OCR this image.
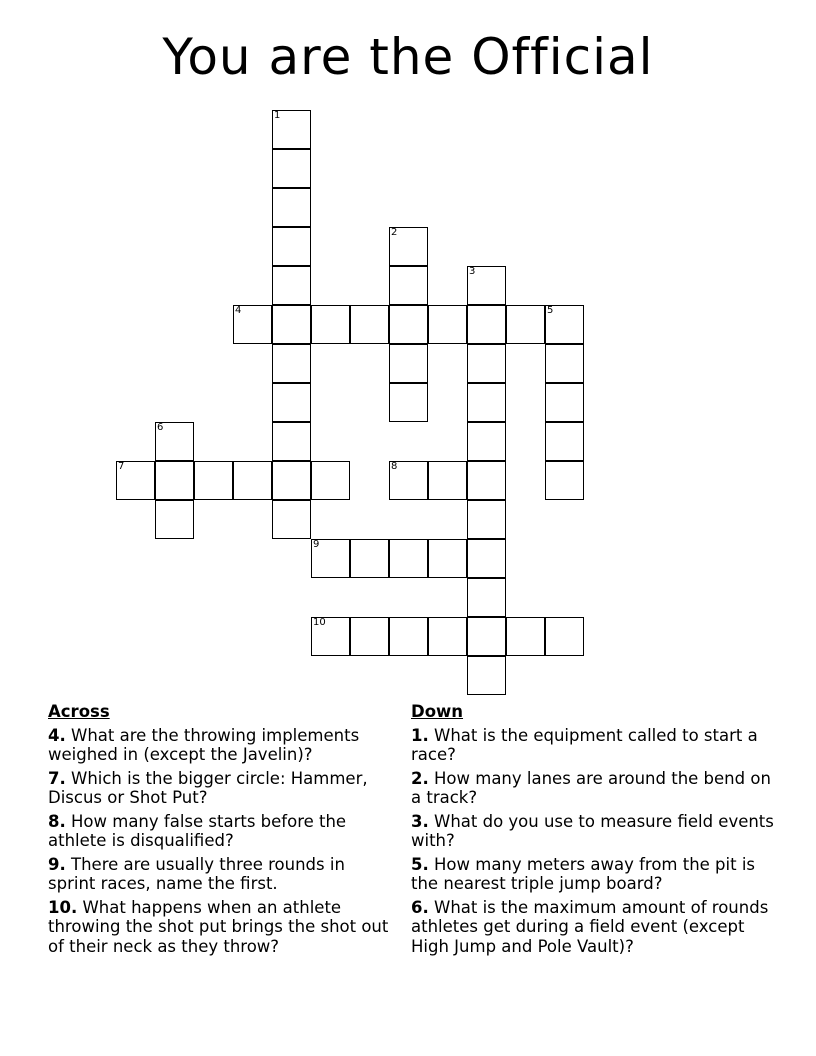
You are the Official
1
4	5
2
3
6
7	8
9
10
Across
4. What are the throwing implements weighed in (except the Javelin)?
7. Which is the bigger circle: Hammer, Discus or Shot Put?
8. How many false starts before the athlete is disqualified?
9. There are usually three rounds in sprint races, name the first.
10. What happens when an athlete throwing the shot put brings the shot out of their neck as they throw?
Down
1. What is the equipment called to start a race?
2. How many lanes are around the bend on a track?
3. What do you use to measure field events with?
5. How many meters away from the pit is the nearest triple jump board?
6. What is the maximum amount of rounds athletes get during a field event (except High Jump and Pole Vault)?
